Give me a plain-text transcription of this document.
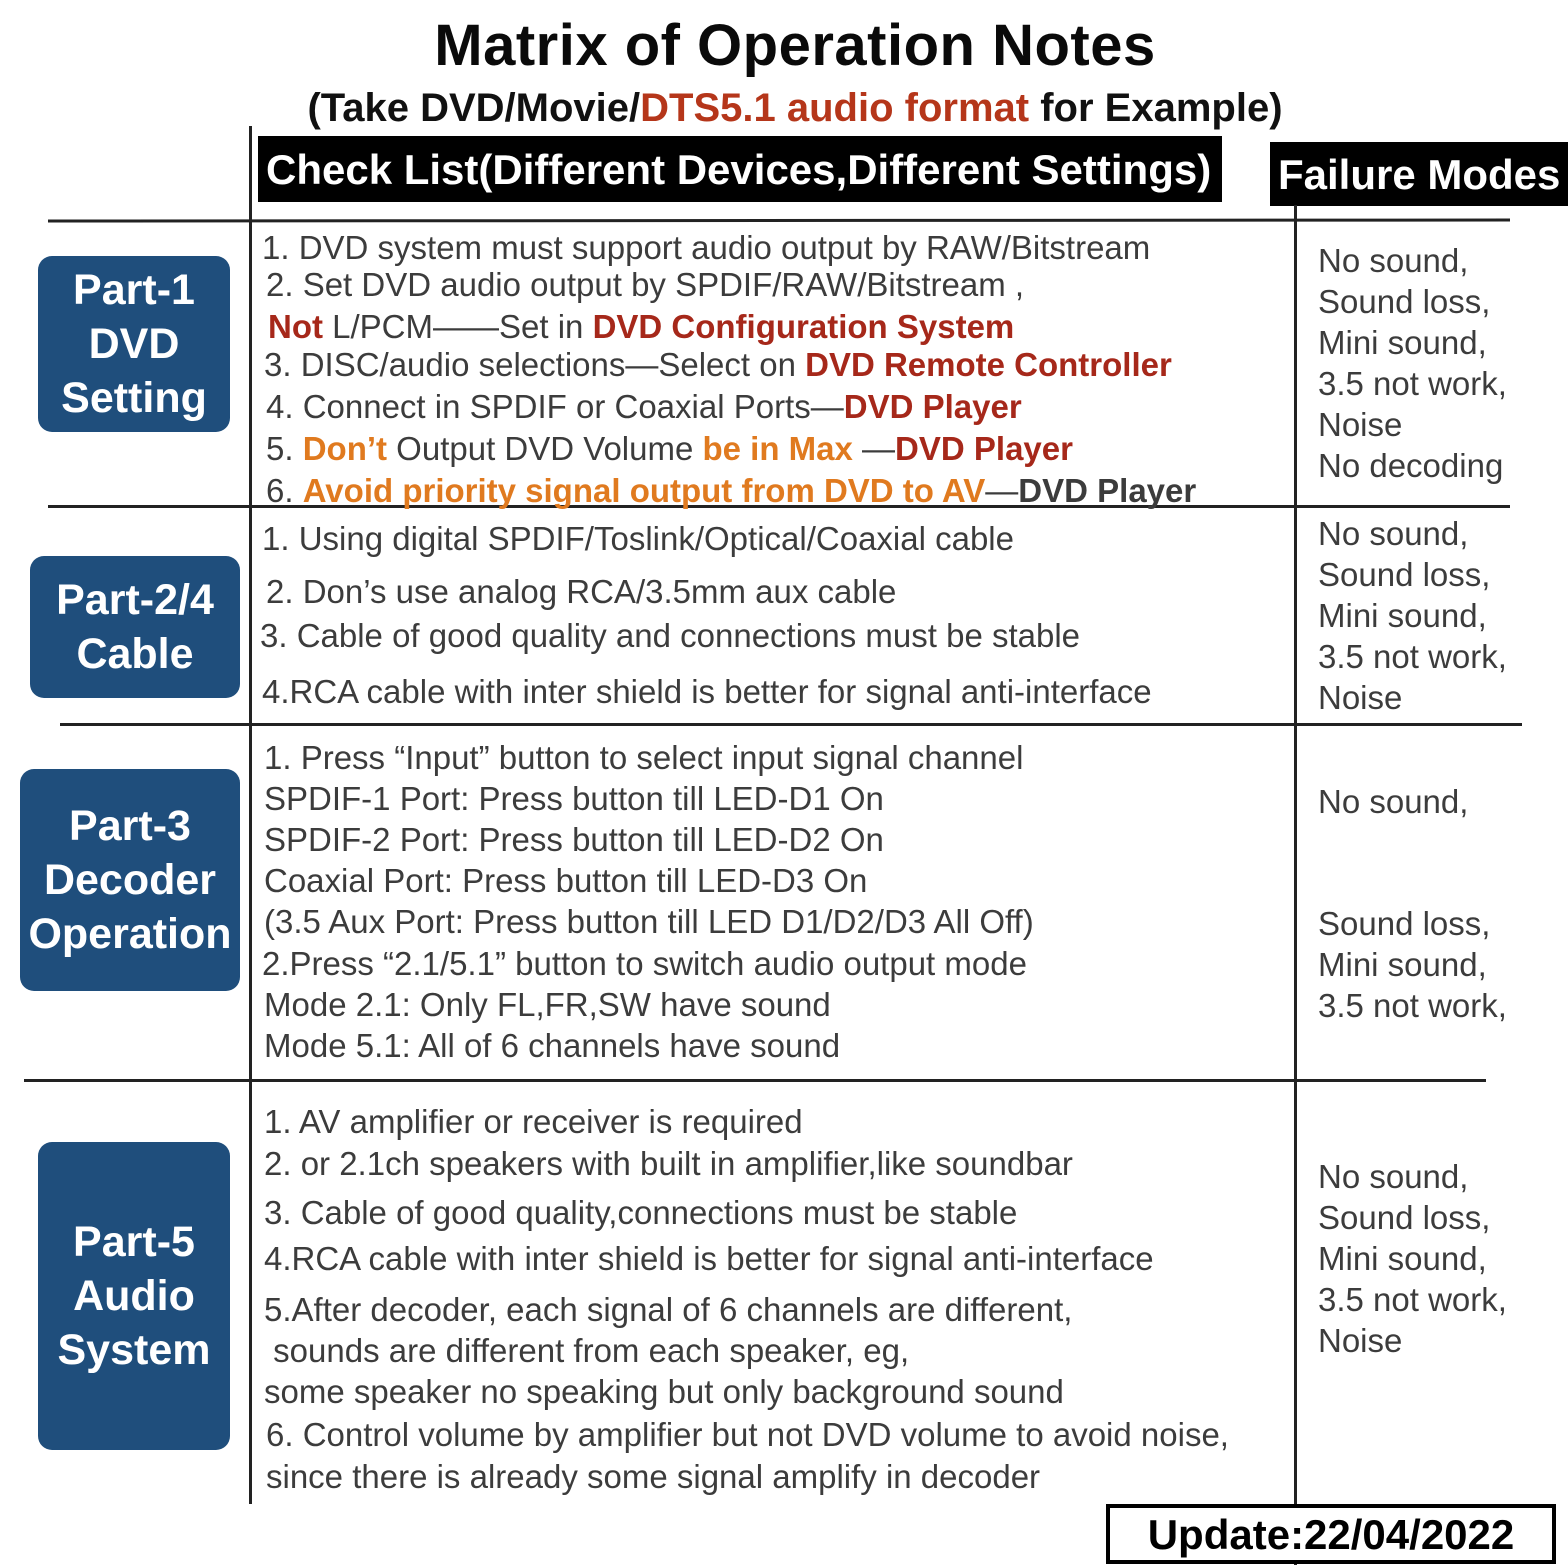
Matrix of Operation Notes
(Take DVD/Movie/DTS5.1 audio format for Example)
Check List(Different Devices,Different Settings) Failure Modes
Part-1
DVD
Setting
Part-2/4
Cable
Part-3
Decoder
Operation
Part-5
Audio
System
1. DVD system must support audio output by RAW/Bitstream
2. Set DVD audio output by SPDIF/RAW/Bitstream ,
Not L/PCM——Set in DVD Configuration System
3. DISC/audio selections—Select on DVD Remote Controller
4. Connect in SPDIF or Coaxial Ports—DVD Player
5. Don’t Output DVD Volume be in Max —DVD Player
6. Avoid priority signal output from DVD to AV—DVD Player
1. Using digital SPDIF/Toslink/Optical/Coaxial cable
2. Don’s use analog RCA/3.5mm aux cable
3. Cable of good quality and connections must be stable
4.RCA cable with inter shield is better for signal anti-interface
1. Press “Input” button to select input signal channel
SPDIF-1 Port: Press button till LED-D1 On
SPDIF-2 Port: Press button till LED-D2 On
Coaxial Port: Press button till LED-D3 On
(3.5 Aux Port: Press button till LED D1/D2/D3 All Off)
2.Press “2.1/5.1” button to switch audio output mode
Mode 2.1: Only FL,FR,SW have sound
Mode 5.1: All of 6 channels have sound
1. AV amplifier or receiver is required
2. or 2.1ch speakers with built in amplifier,like soundbar
3. Cable of good quality,connections must be stable
4.RCA cable with inter shield is better for signal anti-interface
5.After decoder, each signal of 6 channels are different,
sounds are different from each speaker, eg,
some speaker no speaking but only background sound
6. Control volume by amplifier but not DVD volume to avoid noise,
since there is already some signal amplify in decoder
No sound,
Sound loss,
Mini sound,
3.5 not work,
Noise
No decoding
No sound,
Sound loss,
Mini sound,
3.5 not work,
Noise
No sound,
Sound loss,
Mini sound,
3.5 not work,
No sound,
Sound loss,
Mini sound,
3.5 not work,
Noise
Update:22/04/2022
